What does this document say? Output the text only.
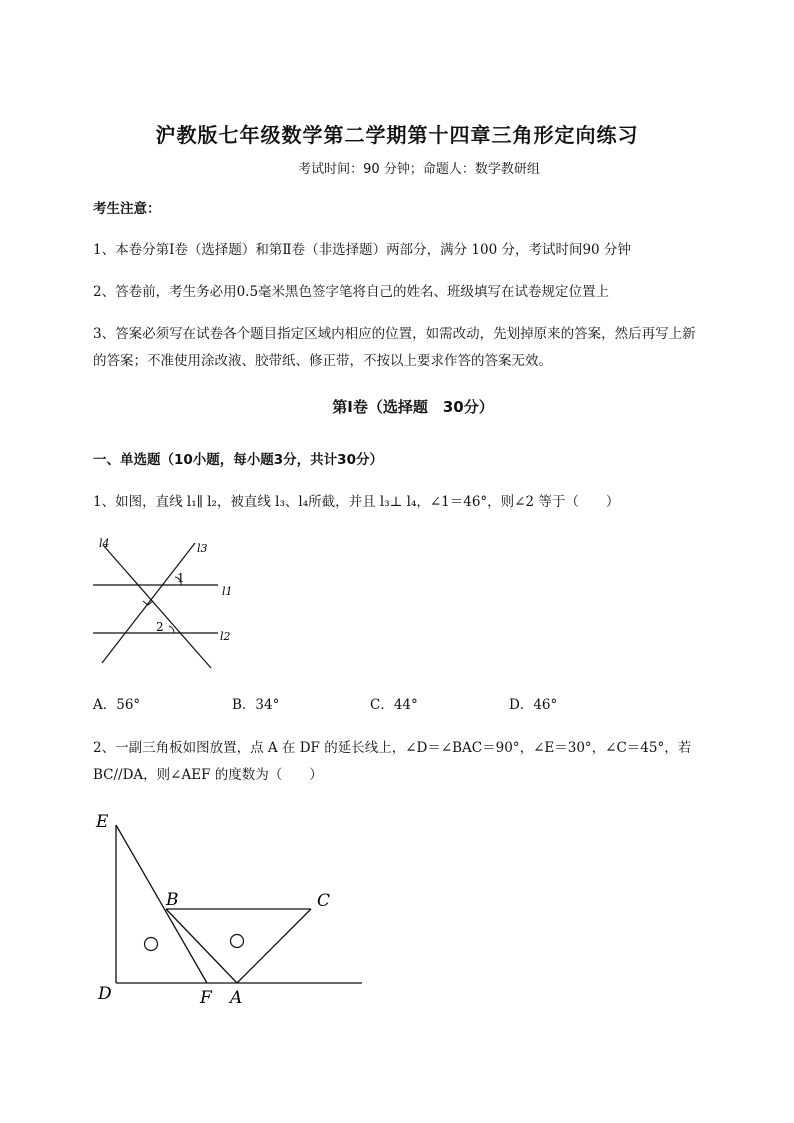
沪教版七年级数学第二学期第十四章三角形定向练习
考试时间：90 分钟；命题人：数学教研组
考生注意：
1、本卷分第Ⅰ卷（选择题）和第Ⅱ卷（非选择题）两部分，满分 100 分，考试时间90 分钟
2、答卷前，考生务必用0.5毫米黑色签字笔将自己的姓名、班级填写在试卷规定位置上
3、答案必须写在试卷各个题目指定区域内相应的位置，如需改动，先划掉原来的答案，然后再写上新
的答案；不准使用涂改液、胶带纸、修正带，不按以上要求作答的答案无效。
第Ⅰ卷（选择题　30分）
一、单选题（10小题，每小题3分，共计30分）
1、如图，直线 l₁∥ l₂，被直线 l₃、l₄所截，并且 l₃⊥ l₄，∠1＝46°，则∠2 等于（　　）
l4	l3
l1
l2
1
2
A．56°	B．34°	C．44°	D．46°
2、一副三角板如图放置，点 A 在 DF 的延长线上，∠D＝∠BAC＝90°，∠E＝30°，∠C＝45°，若
BC//DA，则∠AEF 的度数为（　　）
E
B	C
D	F A
